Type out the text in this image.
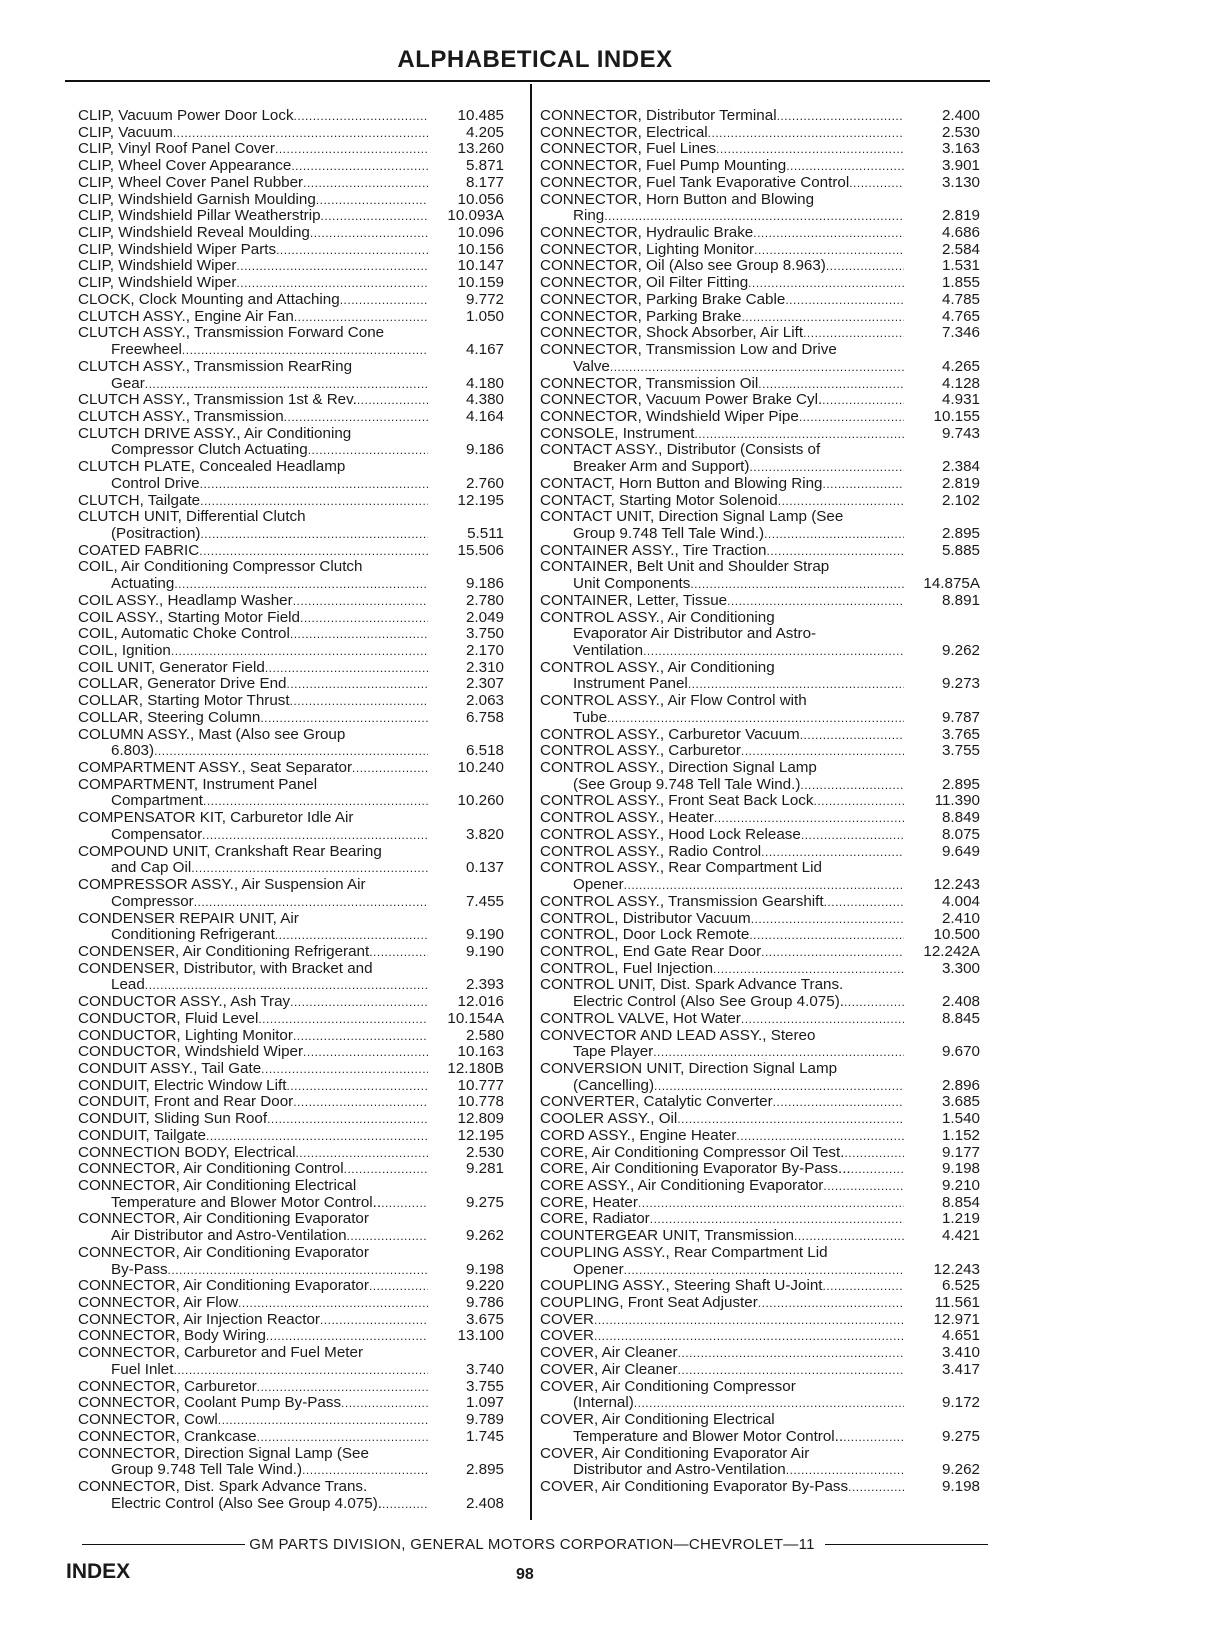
ALPHABETICAL INDEX
CLIP, Vacuum Power Door Lock .....	10.485
CLIP, Vacuum .....	4.205
CLIP, Vinyl Roof Panel Cover .....	13.260
CLIP, Wheel Cover Appearance .....	5.871
CLIP, Wheel Cover Panel Rubber .....	8.177
CLIP, Windshield Garnish Moulding .....	10.056
CLIP, Windshield Pillar Weatherstrip .....	10.093A
CLIP, Windshield Reveal Moulding .....	10.096
CLIP, Windshield Wiper Parts .....	10.156
CLIP, Windshield Wiper .....	10.147
CLIP, Windshield Wiper .....	10.159
CLOCK, Clock Mounting and Attaching .....	9.772
CLUTCH ASSY., Engine Air Fan .....	1.050
CLUTCH ASSY., Transmission Forward Cone
Freewheel .....	4.167
CLUTCH ASSY., Transmission RearRing
Gear .....	4.180
CLUTCH ASSY., Transmission 1st & Rev. .....	4.380
CLUTCH ASSY., Transmission .....	4.164
CLUTCH DRIVE ASSY., Air Conditioning
Compressor Clutch Actuating .....	9.186
CLUTCH PLATE, Concealed Headlamp
Control Drive .....	2.760
CLUTCH, Tailgate .....	12.195
CLUTCH UNIT, Differential Clutch
(Positraction) .....	5.511
COATED FABRIC .....	15.506
COIL, Air Conditioning Compressor Clutch
Actuating .....	9.186
COIL ASSY., Headlamp Washer .....	2.780
COIL ASSY., Starting Motor Field .....	2.049
COIL, Automatic Choke Control .....	3.750
COIL, Ignition .....	2.170
COIL UNIT, Generator Field .....	2.310
COLLAR, Generator Drive End .....	2.307
COLLAR, Starting Motor Thrust .....	2.063
COLLAR, Steering Column .....	6.758
COLUMN ASSY., Mast (Also see Group
6.803) .....	6.518
COMPARTMENT ASSY., Seat Separator .....	10.240
COMPARTMENT, Instrument Panel
Compartment .....	10.260
COMPENSATOR KIT, Carburetor Idle Air
Compensator .....	3.820
COMPOUND UNIT, Crankshaft Rear Bearing
and Cap Oil .....	0.137
COMPRESSOR ASSY., Air Suspension Air
Compressor .....	7.455
CONDENSER REPAIR UNIT, Air
Conditioning Refrigerant .....	9.190
CONDENSER, Air Conditioning Refrigerant .....	9.190
CONDENSER, Distributor, with Bracket and
Lead .....	2.393
CONDUCTOR ASSY., Ash Tray .....	12.016
CONDUCTOR, Fluid Level .....	10.154A
CONDUCTOR, Lighting Monitor .....	2.580
CONDUCTOR, Windshield Wiper .....	10.163
CONDUIT ASSY., Tail Gate .....	12.180B
CONDUIT, Electric Window Lift .....	10.777
CONDUIT, Front and Rear Door .....	10.778
CONDUIT, Sliding Sun Roof .....	12.809
CONDUIT, Tailgate .....	12.195
CONNECTION BODY, Electrical .....	2.530
CONNECTOR, Air Conditioning Control .....	9.281
CONNECTOR, Air Conditioning Electrical
Temperature and Blower Motor Control.. .....	9.275
CONNECTOR, Air Conditioning Evaporator
Air Distributor and Astro-Ventilation .....	9.262
CONNECTOR, Air Conditioning Evaporator
By-Pass .....	9.198
CONNECTOR, Air Conditioning Evaporator .....	9.220
CONNECTOR, Air Flow .....	9.786
CONNECTOR, Air Injection Reactor .....	3.675
CONNECTOR, Body Wiring .....	13.100
CONNECTOR, Carburetor and Fuel Meter
Fuel Inlet .....	3.740
CONNECTOR, Carburetor .....	3.755
CONNECTOR, Coolant Pump By-Pass .....	1.097
CONNECTOR, Cowl .....	9.789
CONNECTOR, Crankcase .....	1.745
CONNECTOR, Direction Signal Lamp (See
Group 9.748 Tell Tale Wind.) .....	2.895
CONNECTOR, Dist. Spark Advance Trans.
Electric Control (Also See Group 4.075). .....	2.408
CONNECTOR, Distributor Terminal .....	2.400
CONNECTOR, Electrical .....	2.530
CONNECTOR, Fuel Lines .....	3.163
CONNECTOR, Fuel Pump Mounting .....	3.901
CONNECTOR, Fuel Tank Evaporative Control .....	3.130
CONNECTOR, Horn Button and Blowing
Ring .....	2.819
CONNECTOR, Hydraulic Brake .....	4.686
CONNECTOR, Lighting Monitor .....	2.584
CONNECTOR, Oil (Also see Group 8.963) .....	1.531
CONNECTOR, Oil Filter Fitting .....	1.855
CONNECTOR, Parking Brake Cable .....	4.785
CONNECTOR, Parking Brake .....	4.765
CONNECTOR, Shock Absorber, Air Lift .....	7.346
CONNECTOR, Transmission Low and Drive
Valve .....	4.265
CONNECTOR, Transmission Oil .....	4.128
CONNECTOR, Vacuum Power Brake Cyl. .....	4.931
CONNECTOR, Windshield Wiper Pipe .....	10.155
CONSOLE, Instrument .....	9.743
CONTACT ASSY., Distributor (Consists of
Breaker Arm and Support) .....	2.384
CONTACT, Horn Button and Blowing Ring .....	2.819
CONTACT, Starting Motor Solenoid .....	2.102
CONTACT UNIT, Direction Signal Lamp (See
Group 9.748 Tell Tale Wind.) .....	2.895
CONTAINER ASSY., Tire Traction .....	5.885
CONTAINER, Belt Unit and Shoulder Strap
Unit Components .....	14.875A
CONTAINER, Letter, Tissue .....	8.891
CONTROL ASSY., Air Conditioning
Evaporator Air Distributor and Astro-
Ventilation .....	9.262
CONTROL ASSY., Air Conditioning
Instrument Panel .....	9.273
CONTROL ASSY., Air Flow Control with
Tube .....	9.787
CONTROL ASSY., Carburetor Vacuum .....	3.765
CONTROL ASSY., Carburetor .....	3.755
CONTROL ASSY., Direction Signal Lamp
(See Group 9.748 Tell Tale Wind.) .....	2.895
CONTROL ASSY., Front Seat Back Lock .....	11.390
CONTROL ASSY., Heater .....	8.849
CONTROL ASSY., Hood Lock Release .....	8.075
CONTROL ASSY., Radio Control .....	9.649
CONTROL ASSY., Rear Compartment Lid
Opener .....	12.243
CONTROL ASSY., Transmission Gearshift .....	4.004
CONTROL, Distributor Vacuum .....	2.410
CONTROL, Door Lock Remote .....	10.500
CONTROL, End Gate Rear Door .....	12.242A
CONTROL, Fuel Injection .....	3.300
CONTROL UNIT, Dist. Spark Advance Trans.
Electric Control (Also See Group 4.075). .....	2.408
CONTROL VALVE, Hot Water .....	8.845
CONVECTOR AND LEAD ASSY., Stereo
Tape Player .....	9.670
CONVERSION UNIT, Direction Signal Lamp
(Cancelling) .....	2.896
CONVERTER, Catalytic Converter .....	3.685
COOLER ASSY., Oil .....	1.540
CORD ASSY., Engine Heater .....	1.152
CORE, Air Conditioning Compressor Oil Test. .....	9.177
CORE, Air Conditioning Evaporator By-Pass... .....	9.198
CORE ASSY., Air Conditioning Evaporator .....	9.210
CORE, Heater .....	8.854
CORE, Radiator .....	1.219
COUNTERGEAR UNIT, Transmission .....	4.421
COUPLING ASSY., Rear Compartment Lid
Opener .....	12.243
COUPLING ASSY., Steering Shaft U-Joint .....	6.525
COUPLING, Front Seat Adjuster .....	11.561
COVER .....	12.971
COVER .....	4.651
COVER, Air Cleaner .....	3.410
COVER, Air Cleaner .....	3.417
COVER, Air Conditioning Compressor
(Internal) .....	9.172
COVER, Air Conditioning Electrical
Temperature and Blower Motor Control.. .....	9.275
COVER, Air Conditioning Evaporator Air
Distributor and Astro-Ventilation .....	9.262
COVER, Air Conditioning Evaporator By-Pass .....	9.198
GM PARTS DIVISION, GENERAL MOTORS CORPORATION—CHEVROLET—11
INDEX	98
